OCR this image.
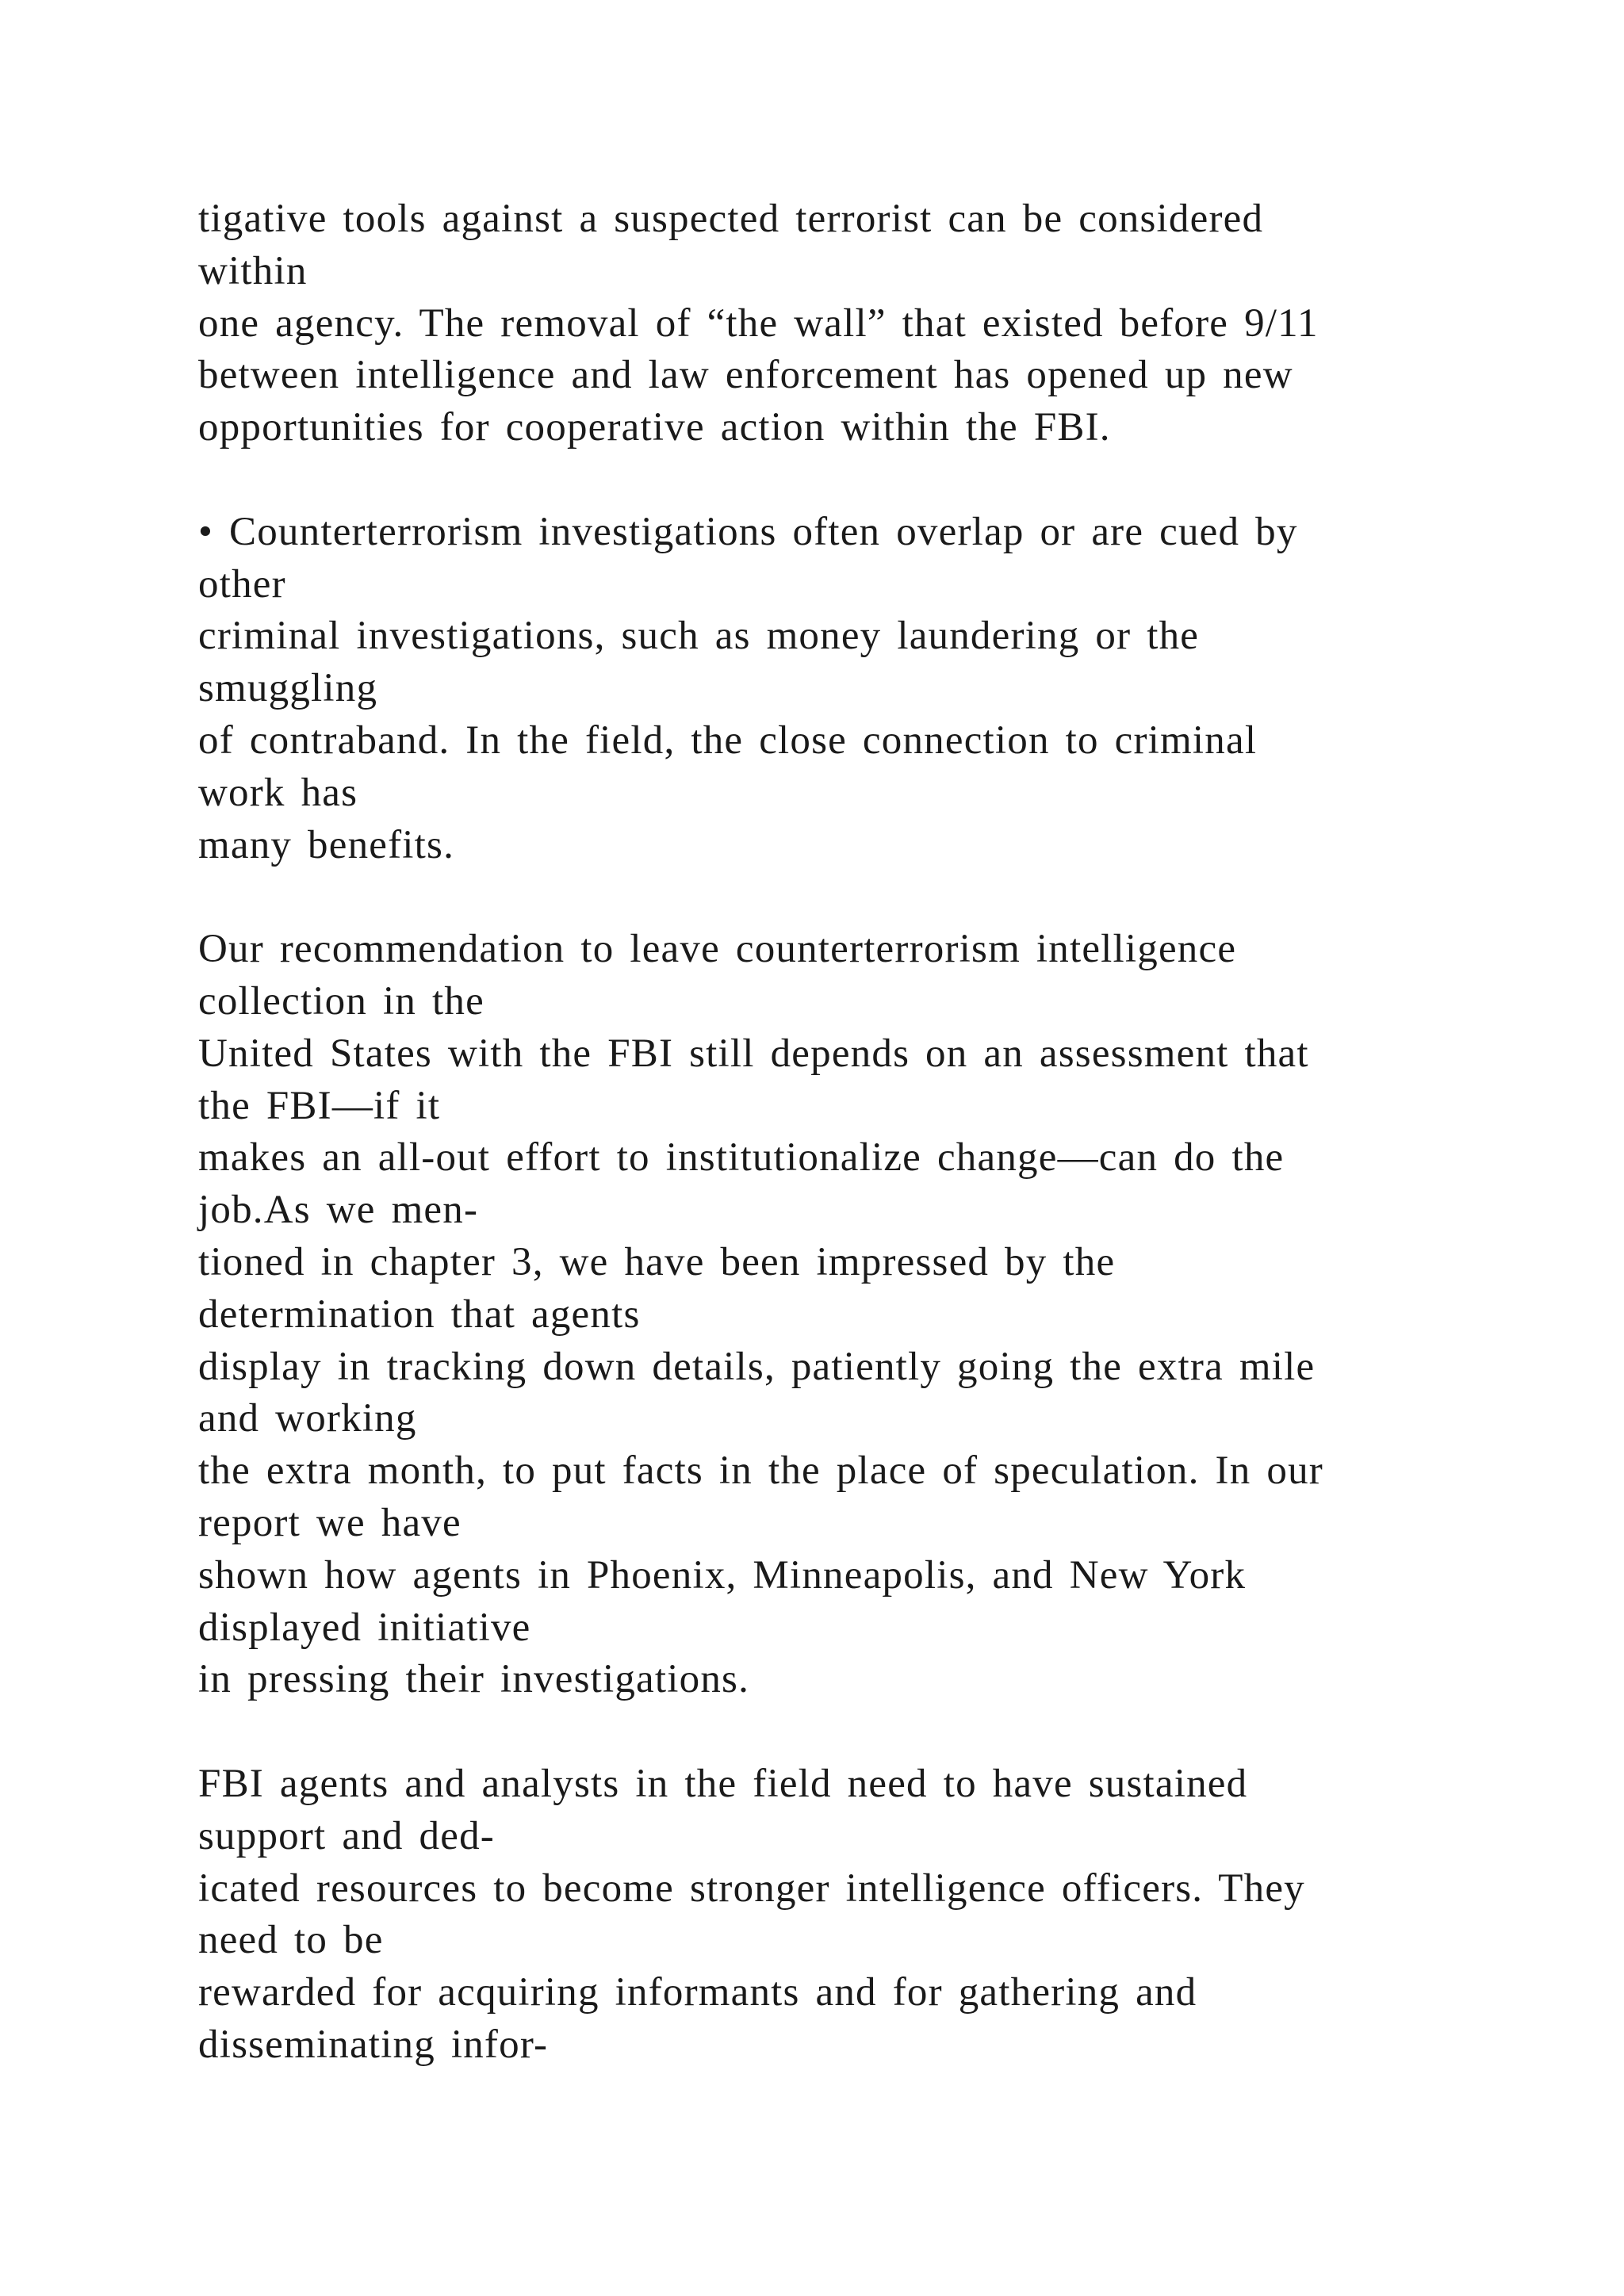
tigative tools against a suspected terrorist can be considered
within
one agency. The removal of “the wall” that existed before 9/11
between intelligence and law enforcement has opened up new
opportunities for cooperative action within the FBI.
• Counterterrorism investigations often overlap or are cued by
other
criminal investigations, such as money laundering or the
smuggling
of contraband. In the field, the close connection to criminal
work has
many benefits.
Our recommendation to leave counterterrorism intelligence
collection in the
United States with the FBI still depends on an assessment that
the FBI—if it
makes an all-out effort to institutionalize change—can do the
job.As we men-
tioned in chapter 3, we have been impressed by the
determination that agents
display in tracking down details, patiently going the extra mile
and working
the extra month, to put facts in the place of speculation. In our
report we have
shown how agents in Phoenix, Minneapolis, and New York
displayed initiative
in pressing their investigations.
FBI agents and analysts in the field need to have sustained
support and ded-
icated resources to become stronger intelligence officers. They
need to be
rewarded for acquiring informants and for gathering and
disseminating infor-
